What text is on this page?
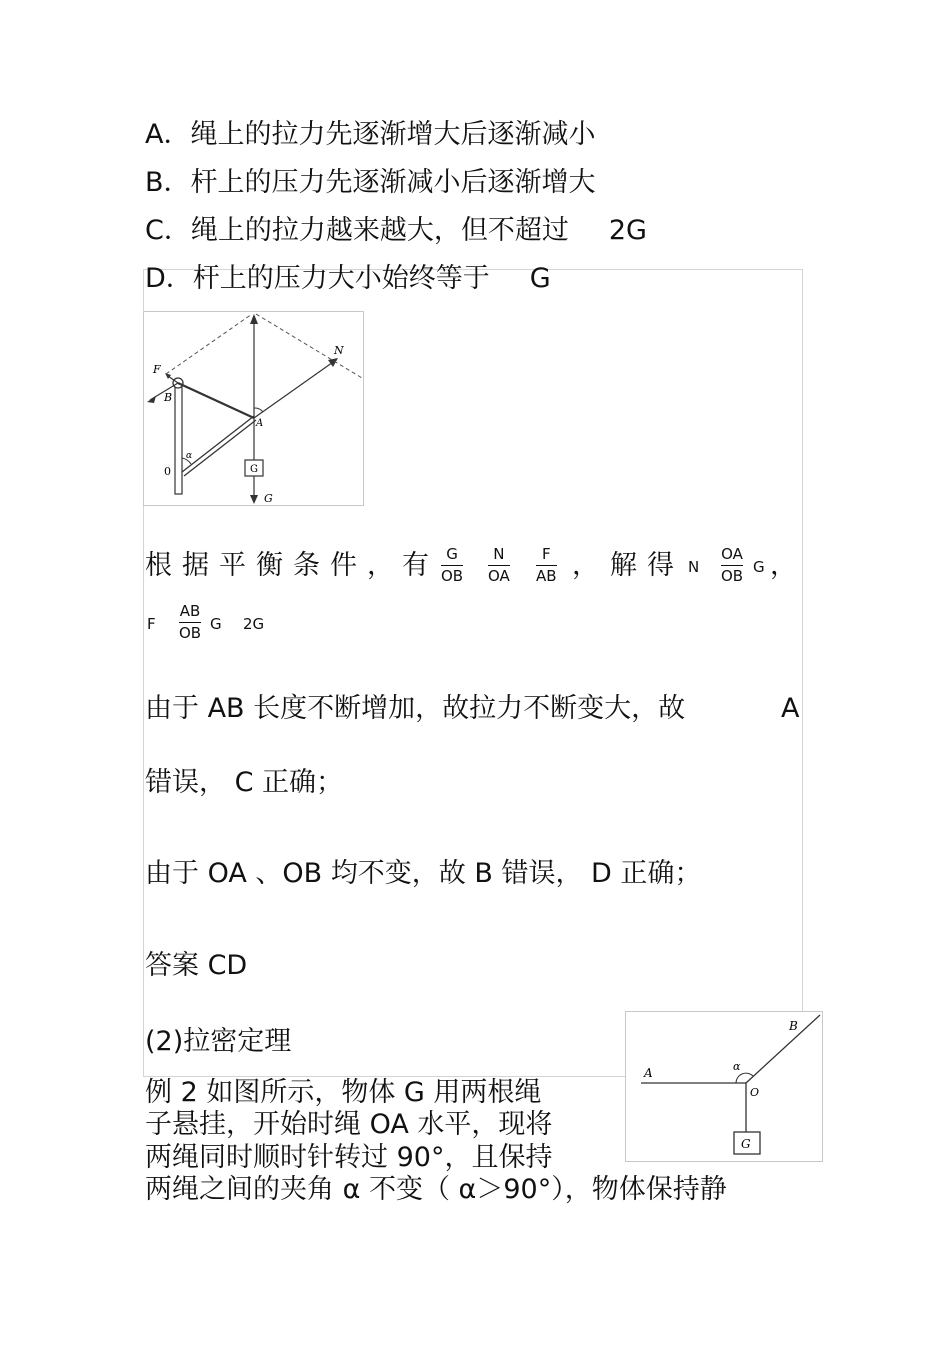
A．绳上的拉力先逐渐增大后逐渐减小
B．杆上的压力先逐渐减小后逐渐增大
C．绳上的拉力越来越大，但不超过 2G
D．杆上的压力大小始终等于 G
F
B
A
N
0
α
G
G
根据平衡条件，
有 G
OB
N
OA
F
AB ， 解得 N
OA
OB G ，
F
AB
OB G 2G
由于 AB 长度不断增加，故拉力不断变大，故	A
错误， C 正确；
由于 OA 、OB 均不变，故 B 错误， D 正确；
答案 CD
(2)拉密定理
例 2 如图所示，物体 G 用两根绳
子悬挂，开始时绳 OA 水平，现将
两绳同时顺时针转过 90°，且保持
两绳之间的夹角 α 不变（ α＞90°），物体保持静
A
B
O
α
G
